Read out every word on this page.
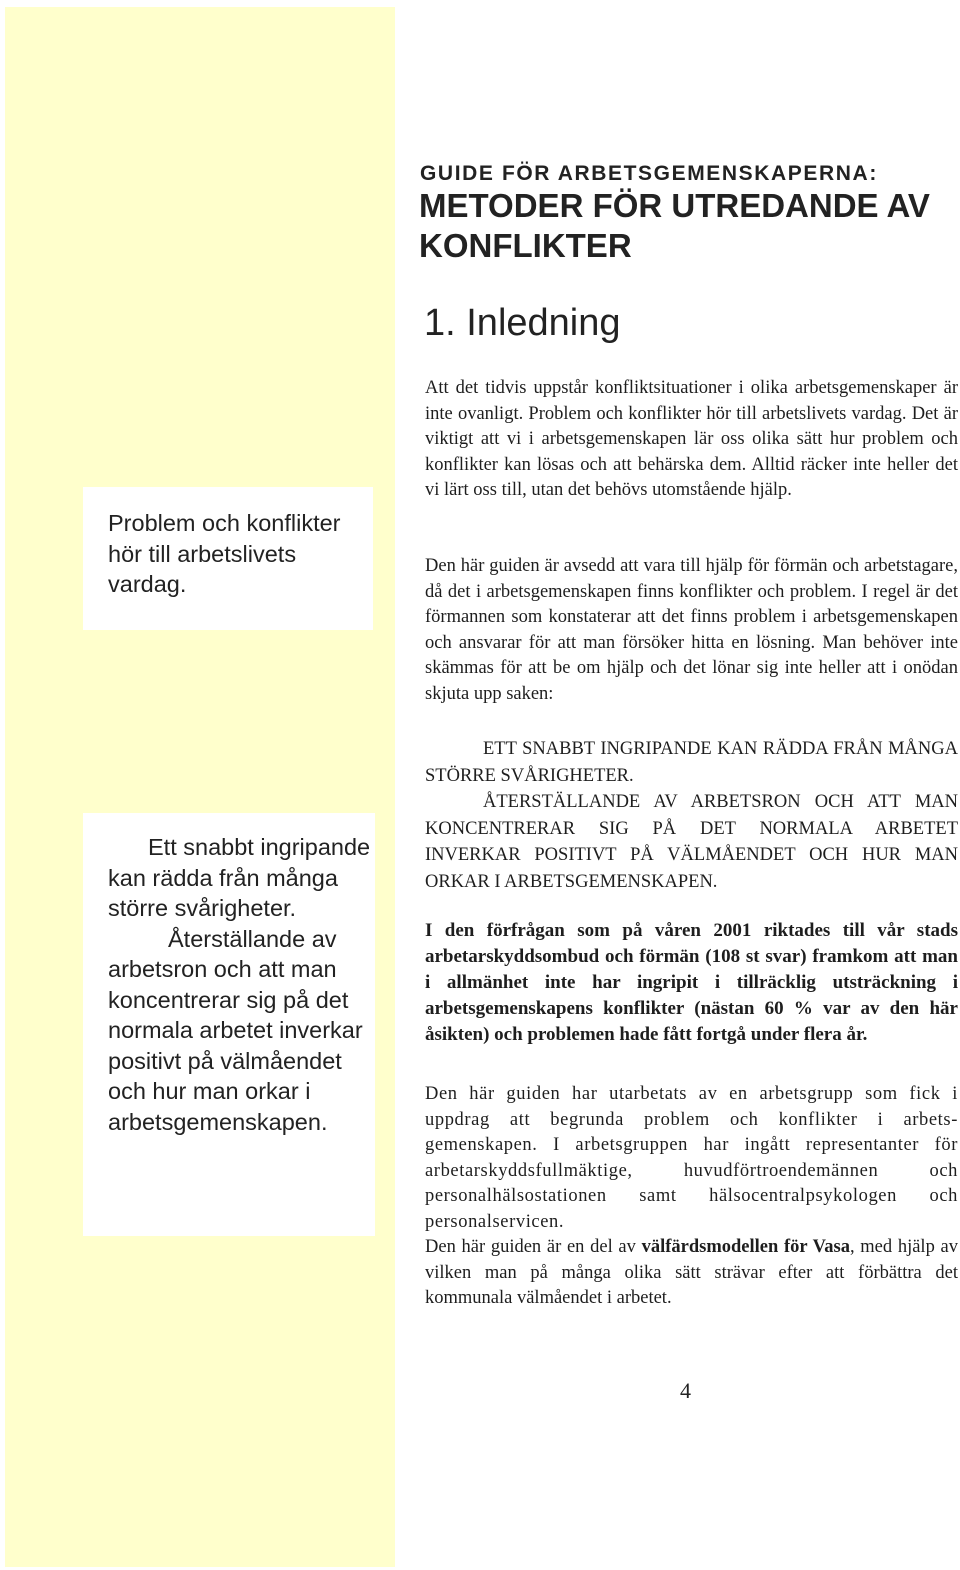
Problem och konflikter hör till arbetslivets vardag.

Ett snabbt ingripande kan rädda från många större svårigheter.

Återställande av arbetsron och att man koncentrerar sig på det normala arbetet inverkar positivt på välmåendet och hur man orkar i arbetsgemenskapen.

GUIDE FÖR ARBETSGEMENSKAPERNA:
METODER FÖR UTREDANDE AV KONFLIKTER
1. Inledning

Att det tidvis uppstår konfliktsituationer i olika arbetsgemenskaper är inte ovanligt. Problem och konflikter hör till arbetslivets vardag. Det är viktigt att vi i arbetsgemenskapen lär oss olika sätt hur problem och konflikter kan lösas och att behärska dem. Alltid räcker inte heller det vi lärt oss till, utan det behövs utomstående hjälp.

Den här guiden är avsedd att vara till hjälp för förmän och arbetstagare, då det i arbetsgemenskapen finns konflikter och problem. I regel är det förmannen som konstaterar att det finns problem i arbetsgemenskapen och ansvarar för att man försöker hitta en lösning. Man behöver inte skämmas för att be om hjälp och det lönar sig inte heller att i onödan skjuta upp saken:

ETT SNABBT INGRIPANDE KAN RÄDDA FRÅN MÅNGA STÖRRE SVÅRIGHETER.

ÅTERSTÄLLANDE AV ARBETSRON OCH ATT MAN KONCENTRERAR SIG PÅ DET NORMALA ARBETET INVERKAR POSITIVT PÅ VÄLMÅENDET OCH HUR MAN ORKAR I ARBETSGEMENSKAPEN.

I den förfrågan som på våren 2001 riktades till vår stads arbetarskyddsombud och förmän (108 st svar) framkom att man i allmänhet inte har ingripit i tillräcklig utsträckning i arbetsgemenskapens konflikter (nästan 60 % var av den här åsikten) och problemen hade fått fortgå under flera år.

Den här guiden har utarbetats av en arbetsgrupp som fick i uppdrag att begrunda problem och konflikter i arbets-gemenskapen. I arbetsgruppen har ingått representanter för arbetarskyddsfullmäktige, huvudförtroendemännen och personalhälsostationen samt hälsocentralpsykologen och personalservicen.

Den här guiden är en del av välfärdsmodellen för Vasa, med hjälp av vilken man på många olika sätt strävar efter att förbättra det kommunala välmåendet i arbetet.

4
